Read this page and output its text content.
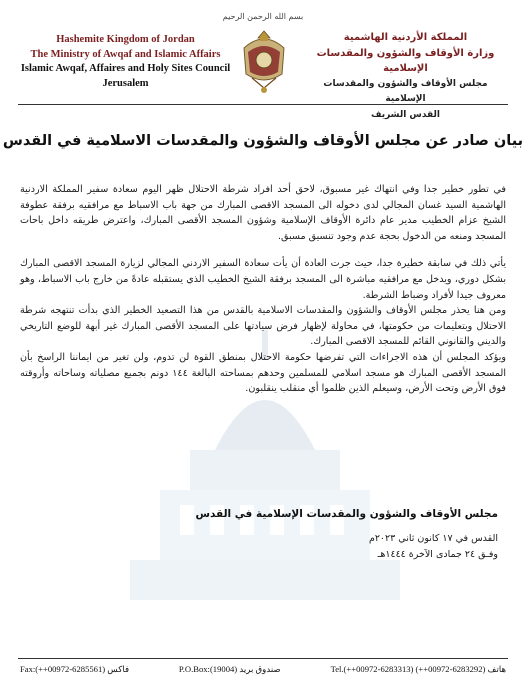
بسم الله الرحمن الرحيم
Hashemite Kingdom of Jordan
The Ministry of Awqaf and Islamic Affairs
Islamic Awqaf, Affaires and Holy Sites Council
Jerusalem
المملكة الأردنية الهاشمية
وزارة الأوقاف والشؤون والمقدسات الإسلامية
مجلس الأوقاف والشؤون والمقدسات الإسلامية
القدس الشريف
بيان صادر عن مجلس الأوقاف والشؤون والمقدسات الاسلامية في القدس

في تطور خطير جدا وفي انتهاك غير مسبوق، لاحق أحد افراد شرطة الاحتلال ظهر اليوم سعادة سفير المملكة الاردنية الهاشمية السيد غسان المجالي لدى دخوله الى المسجد الاقصى المبارك من جهة باب الاسباط مع مرافقيه برفقة عطوفة الشيخ عزام الخطيب مدير عام دائرة الأوقاف الإسلامية وشؤون المسجد الأقصى المبارك، واعترض طريقه داخل باحات المسجد ومنعه من الدخول بحجة عدم وجود تنسيق مسبق.

يأتي ذلك في سابقة خطيرة جدا، حيث جرت العادة أن يأت سعادة السفير الاردني المجالي لزيارة المسجد الاقصى المبارك بشكل دوري، ويدخل مع مرافقيه مباشرة الى المسجد برفقة الشيخ الخطيب الذي يستقبله عادةً من خارج باب الاسباط، وهو معروف جيدا لأفراد وضباط الشرطة.

ومن هنا يحذر مجلس الأوقاف والشؤون والمقدسات الاسلامية بالقدس من هذا التصعيد الخطير الذي بدأت تنتهجه شرطة الاحتلال وبتعليمات من حكومتها، في محاولة لإظهار فرض سيادتها على المسجد الأقصى المبارك غير أبهة للوضع التاريخي والديني والقانوني القائم للمسجد الاقصى المبارك.

ويؤكد المجلس أن هذه الاجراءات التي تفرضها حكومة الاحتلال بمنطق القوة لن تدوم، ولن تغير من ايماننا الراسخ بأن المسجد الأقصى المبارك هو مسجد اسلامي للمسلمين وحدهم بمساحته البالغة ١٤٤ دونم بجميع مصلياته وساحاته وأروقته فوق الأرض وتحت الأرض، وسيعلم الذين ظلموا أي منقلب ينقلبون.

مجلس الأوقاف والشؤون والمقدسات الإسلامية في القدس
القدس في ١٧ كانون ثاني ٢٠٢٣م
وفـق ٢٤ جمادى الآخرة ١٤٤٤هـ
Fax:(++00972-6285561) فاكس	P.O.Box:(19004) صندوق بريد	Tel.(++00972-6283313) (++00972-6283292) هاتف
